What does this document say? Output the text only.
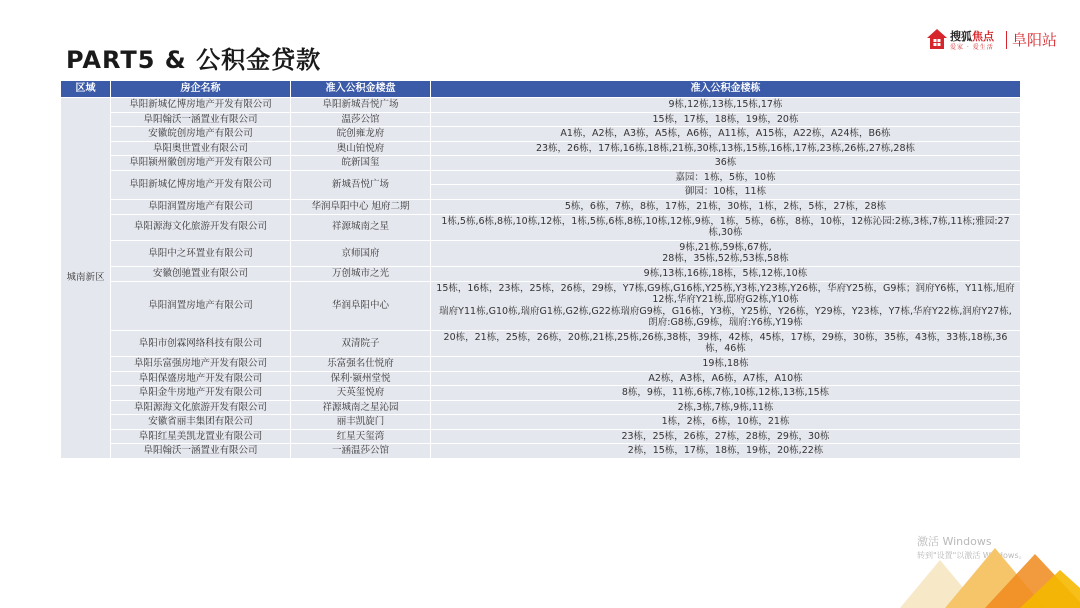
PART5 & 公积金贷款
搜狐焦点
爱家 · 爱生活 阜阳站
区域	房企名称	准入公积金楼盘	准入公积金楼栋
城南新区	阜阳新城亿博房地产开发有限公司	阜阳新城吾悦广场	9栋,12栋,13栋,15栋,17栋
	阜阳翰沃一涵置业有限公司	温莎公馆	15栋，17栋，18栋，19栋，20栋
	安徽皖创房地产有限公司	皖创雍龙府	A1栋，A2栋，A3栋，A5栋，A6栋，A11栋，A15栋，A22栋，A24栋，B6栋
	阜阳奥世置业有限公司	奥山铂悦府	23栋，26栋，17栋,16栋,18栋,21栋,30栋,13栋,15栋,16栋,17栋,23栋,26栋,27栋,28栋
	阜阳颍州徽创房地产开发有限公司	皖新国玺	36栋
	阜阳新城亿博房地产开发有限公司	新城吾悦广场	嘉园：1栋，5栋，10栋
			御园：10栋，11栋
	阜阳润置房地产有限公司	华润阜阳中心 旭府二期	5栋，6栋，7栋，8栋，17栋，21栋，30栋，1栋，2栋，5栋，27栋，28栋
	阜阳源海文化旅游开发有限公司	祥源城南之星	1栋,5栋,6栋,8栋,10栋,12栋，1栋,5栋,6栋,8栋,10栋,12栋,9栋，1栋，5栋，6栋，8栋，10栋，12栋沁园:2栋,3栋,7栋,11栋;雅园:27栋,30栋
	阜阳中之环置业有限公司	京师国府	9栋,21栋,59栋,67栋,
28栋，35栋,52栋,53栋,58栋
	安徽创驰置业有限公司	万创城市之光	9栋,13栋,16栋,18栋，5栋,12栋,10栋
	阜阳润置房地产有限公司	华润阜阳中心	15栋，16栋，23栋，25栋，26栋，29栋，Y7栋,G9栋,G16栋,Y25栋,Y3栋,Y23栋,Y26栋，华府Y25栋，G9栋；润府Y6栋，Y11栋,旭府12栋,华府Y21栋,邸府G2栋,Y10栋
瑞府Y11栋,G10栋,瑞府G1栋,G2栋,G22栋瑞府G9栋，G16栋，Y3栋，Y25栋，Y26栋，Y29栋，Y23栋，Y7栋,华府Y22栋,润府Y27栋,朗府:G8栋,G9栋，瑞府:Y6栋,Y19栋
	阜阳市创霖网络科技有限公司	双清院子	20栋，21栋，25栋，26栋，20栋,21栋,25栋,26栋,38栋，39栋，42栋，45栋，17栋，29栋，30栋，35栋，43栋，33栋,18栋,36栋，46栋
	阜阳乐富强房地产开发有限公司	乐富强名仕悦府	19栋,18栋
	阜阳保盛房地产开发有限公司	保利·颍州堂悦	A2栋，A3栋，A6栋，A7栋，A10栋
	阜阳金牛房地产开发有限公司	天英玺悦府	8栋，9栋，11栋,6栋,7栋,10栋,12栋,13栋,15栋
	阜阳源海文化旅游开发有限公司	祥源城南之星沁园	2栋,3栋,7栋,9栋,11栋
	安徽省丽丰集团有限公司	丽丰凯旋门	1栋，2栋，6栋，10栋，21栋
	阜阳红星美凯龙置业有限公司	红星天玺湾	23栋，25栋，26栋，27栋，28栋，29栋，30栋
	阜阳翰沃一涵置业有限公司	一涵温莎公馆	2栋，15栋，17栋，18栋，19栋，20栋,22栋
激活 Windows
转到"设置"以激活 Windows。
